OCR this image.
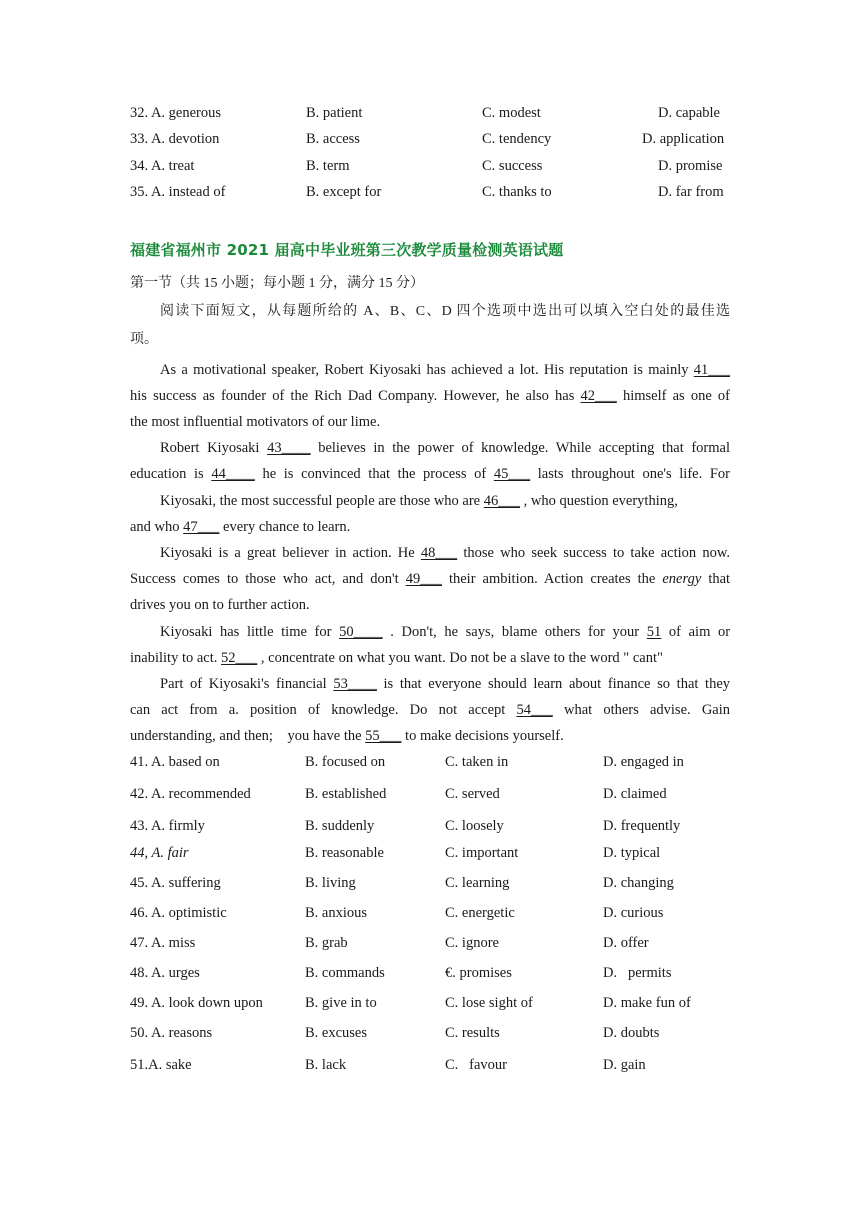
32. A. generous	B. patient	C. modest	D. capable
33. A. devotion	B. access	C. tendency	D. application
34. A. treat	B. term	C. success	D. promise
35. A. instead of	B. except for	C. thanks to	D. far from
福建省福州市 2021 届高中毕业班第三次教学质量检测英语试题
第一节（共 15 小题；每小题 1 分，满分 15 分）
阅读下面短文，从每题所给的 A、B、C、D 四个选项中选出可以填入空白处的最佳选
项。
As a motivational speaker, Robert Kiyosaki has achieved a lot. His reputation is mainly 41___
his success as founder of the Rich Dad Company. However, he also has 42___ himself as one of
the most influential motivators of our lime.
Robert Kiyosaki 43____ believes in the power of knowledge. While accepting that formal
education is 44____ he is convinced that the process of 45___ lasts throughout one's life. For
Kiyosaki, the most successful people are those who are 46___ , who question everything,
and who 47___ every chance to learn.
Kiyosaki is a great believer in action. He 48___ those who seek success to take action now.
Success comes to those who act, and don't 49___ their ambition. Action creates the energy that
drives you on to further action.
Kiyosaki has little time for 50____ . Don't, he says, blame others for your 51 of aim or
inability to act. 52___ , concentrate on what you want. Do not be a slave to the word " cant"
Part of Kiyosaki's financial 53____ is that everyone should learn about finance so that they
can act from a. position of knowledge. Do not accept 54___ what others advise. Gain
understanding, and then;    you have the 55___ to make decisions yourself.
41. A. based on	B. focused on	C. taken in	D. engaged in
42. A. recommended	B. established	C. served	D. claimed
43. A. firmly	B. suddenly	C. loosely	D. frequently
44, A. fair	B. reasonable	C. important	D. typical
45. A. suffering	B. living	C. learning	D. changing
46. A. optimistic	B. anxious	C. energetic	D. curious
47. A. miss	B. grab	C. ignore	D. offer
48. A. urges	B. commands	€. promises	D.   permits
49. A. look down upon	B. give in to	C. lose sight of	D. make fun of
50. A. reasons	B. excuses	C. results	D. doubts
51.A. sake	B. lack	C.   favour	D. gain
